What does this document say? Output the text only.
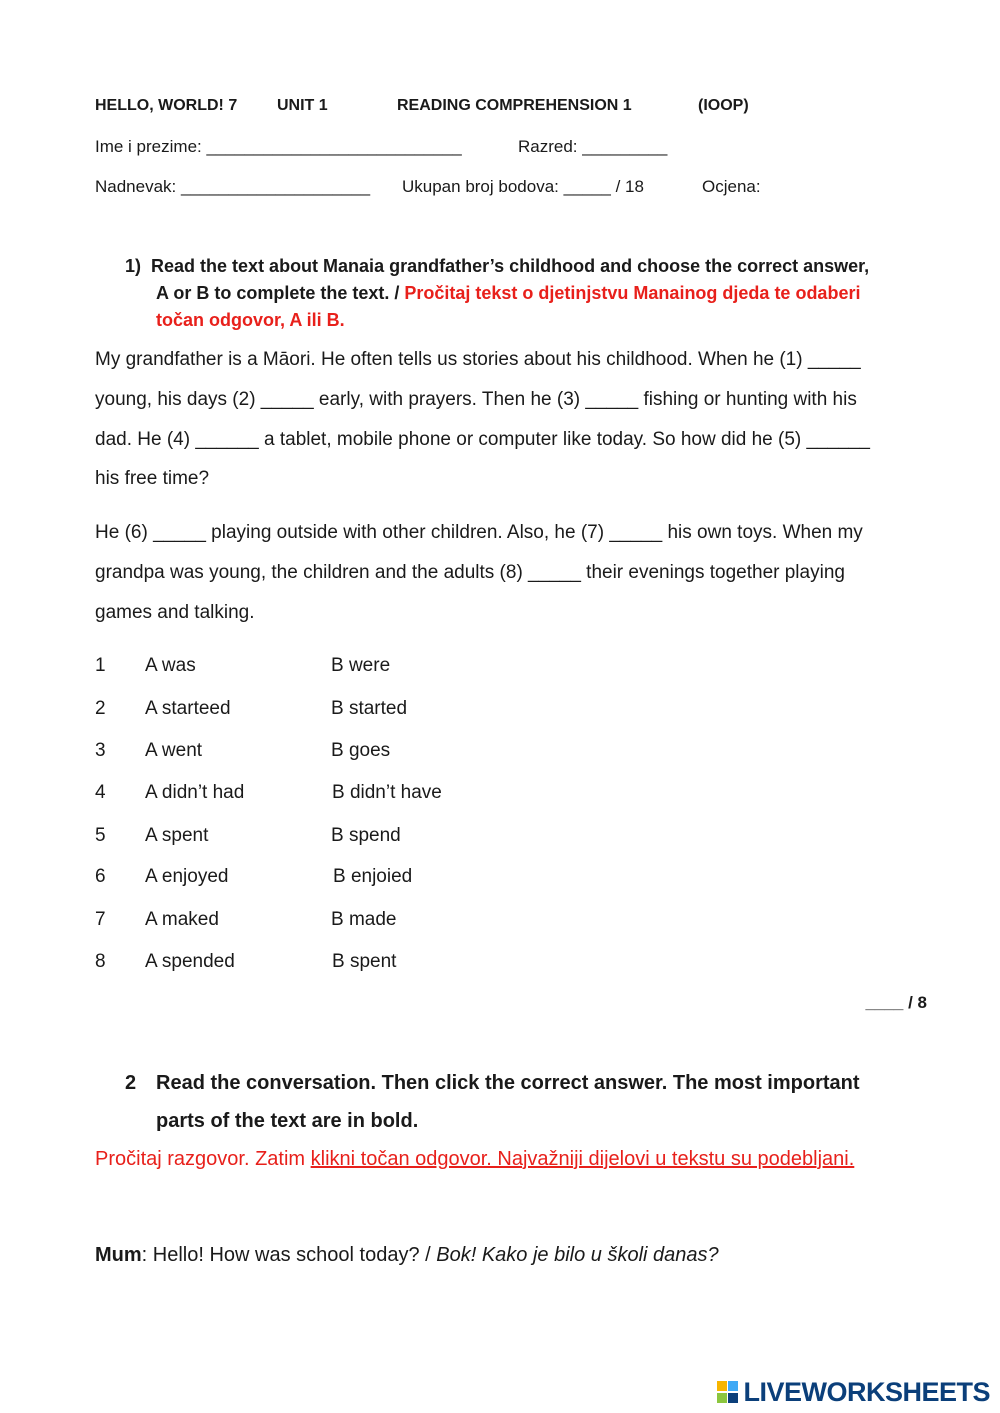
HELLO, WORLD! 7 UNIT 1	READING COMPREHENSION 1	(IOOP)
Ime i prezime: ___________________________	Razred: _________
Nadnevak: ____________________ Ukupan broj bodova: _____ / 18	Ocjena:
1) Read the text about Manaia grandfather’s childhood and choose the correct answer,
A or B to complete the text. / Pročitaj tekst o djetinjstvu Manainog djeda te odaberi
točan odgovor, A ili B.
My grandfather is a Māori. He often tells us stories about his childhood. When he (1) _____
young, his days (2) _____ early, with prayers. Then he (3) _____ fishing or hunting with his
dad. He (4) ______ a tablet, mobile phone or computer like today. So how did he (5) ______
his free time?
He (6) _____ playing outside with other children. Also, he (7) _____ his own toys. When my
grandpa was young, the children and the adults (8) _____ their evenings together playing
games and talking.
1 A was	B were
2 A starteed	B started
3 A went	B goes
4 A didn’t had	B didn’t have
5 A spent	B spend
6 A enjoyed	B enjoied
7 A maked	B made
8 A spended	B spent
____ / 8
2 Read the conversation. Then click the correct answer. The most important
parts of the text are in bold.
Pročitaj razgovor. Zatim klikni točan odgovor. Najvažniji dijelovi u tekstu su podebljani.
Mum: Hello! How was school today? / Bok! Kako je bilo u školi danas?
LIVEWORKSHEETS
